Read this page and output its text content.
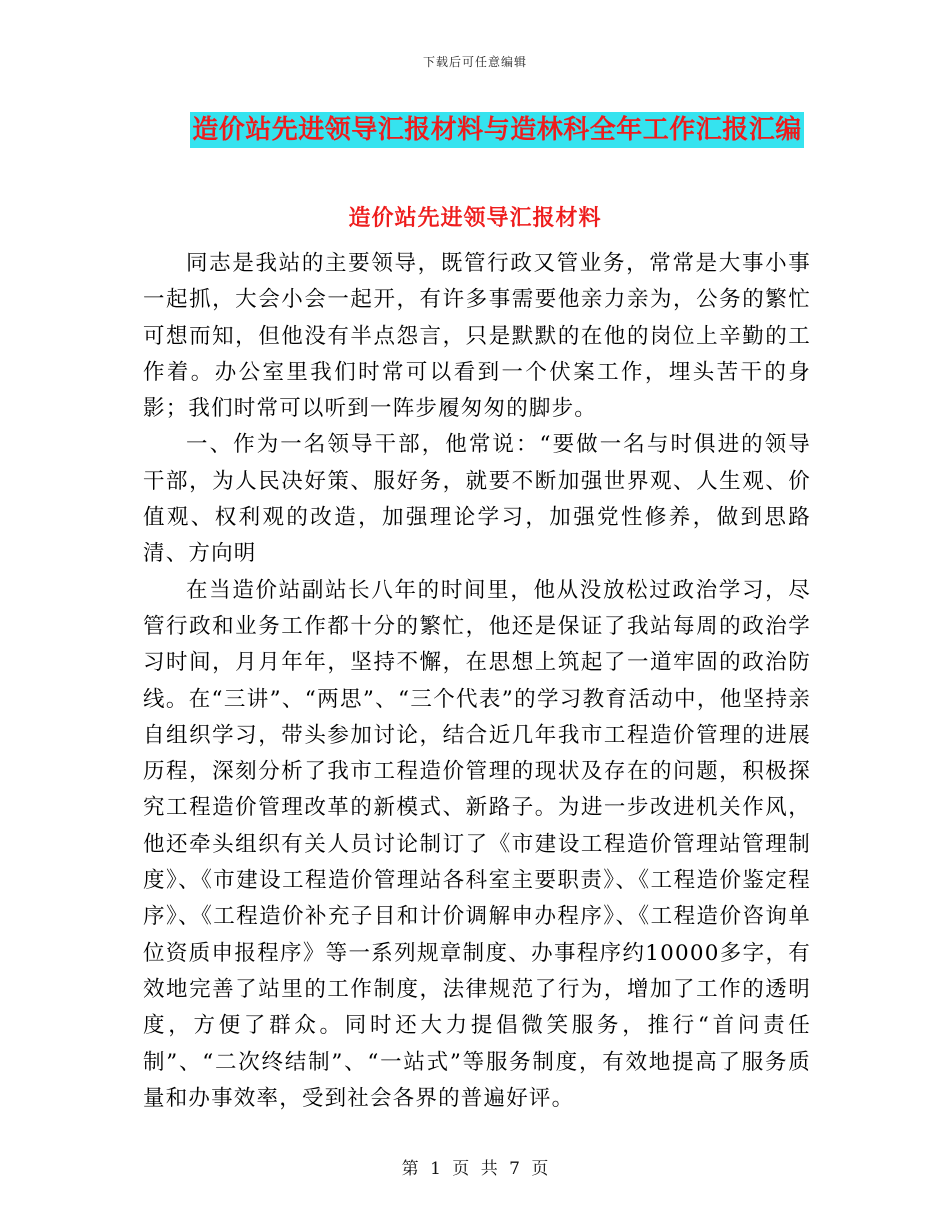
下载后可任意编辑
造价站先进领导汇报材料与造林科全年工作汇报汇编
造价站先进领导汇报材料

同志是我站的主要领导，既管行政又管业务，常常是大事小事一起抓，大会小会一起开，有许多事需要他亲力亲为，公务的繁忙可想而知，但他没有半点怨言，只是默默的在他的岗位上辛勤的工作着。办公室里我们时常可以看到一个伏案工作，埋头苦干的身影；我们时常可以听到一阵步履匆匆的脚步。

一、作为一名领导干部，他常说：“要做一名与时俱进的领导干部，为人民决好策、服好务，就要不断加强世界观、人生观、价值观、权利观的改造，加强理论学习，加强党性修养，做到思路清、方向明

在当造价站副站长八年的时间里，他从没放松过政治学习，尽管行政和业务工作都十分的繁忙，他还是保证了我站每周的政治学习时间，月月年年，坚持不懈，在思想上筑起了一道牢固的政治防线。在“三讲”、“两思”、“三个代表”的学习教育活动中，他坚持亲自组织学习，带头参加讨论，结合近几年我市工程造价管理的进展历程，深刻分析了我市工程造价管理的现状及存在的问题，积极探究工程造价管理改革的新模式、新路子。为进一步改进机关作风，他还牵头组织有关人员讨论制订了《市建设工程造价管理站管理制度》、《市建设工程造价管理站各科室主要职责》、《工程造价鉴定程序》、《工程造价补充子目和计价调解申办程序》、《工程造价咨询单位资质申报程序》等一系列规章制度、办事程序约10000多字，有效地完善了站里的工作制度，法律规范了行为，增加了工作的透明度，方便了群众。同时还大力提倡微笑服务，推行“首问责任制”、“二次终结制”、“一站式”等服务制度，有效地提高了服务质量和办事效率，受到社会各界的普遍好评。

第 1 页 共 7 页
